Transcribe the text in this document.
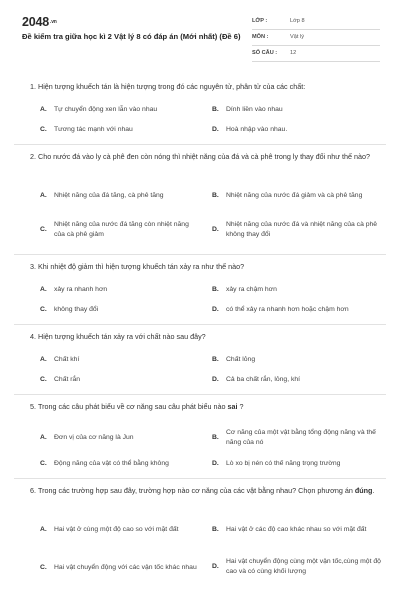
2048.vn
Đề kiểm tra giữa học kì 2 Vật lý 8 có đáp án (Mới nhất) (Đề 6)
LỚP :	Lớp 8
MÔN :	Vật lý
SỐ CÂU :	12
1. Hiện tượng khuếch tán là hiện tượng trong đó các nguyên tử, phân tử của các chất:
A.	Tự chuyển động xen lẫn vào nhau	B.	Dính liền vào nhau
C.	Tương tác mạnh với nhau	D.	Hoà nhập vào nhau.
2. Cho nước đá vào ly cà phê đen còn nóng thì nhiệt năng của đá và cà phê trong ly thay đổi như thế nào?
A.	Nhiệt năng của đá tăng, cà phê tăng	B.	Nhiệt năng của nước đá giảm và cà phê tăng
C.
Nhiệt năng của nước đá tăng còn nhiệt năng của cà phê giảm
D.
Nhiệt năng của nước đá và nhiệt năng của cà phê không thay đổi
3. Khi nhiệt độ giảm thì hiện tượng khuếch tán xảy ra như thế nào?
A.	xảy ra nhanh hơn	B.	xảy ra chậm hơn
C.	không thay đổi	D.	có thể xảy ra nhanh hơn hoặc chậm hơn
4. Hiện tượng khuếch tán xảy ra với chất nào sau đây?
A.	Chất khí	B.	Chất lỏng
C.	Chất rắn	D.	Cả ba chất rắn, lỏng, khí
5. Trong các câu phát biểu về cơ năng sau câu phát biểu nào sai ?
A.	Đơn vị của cơ năng là Jun	B.
Cơ năng của một vật bằng tổng động năng và thế năng của nó
C.	Động năng của vật có thể bằng không	D.	Lò xo bị nén có thế năng trọng trường
6. Trong các trường hợp sau đây, trường hợp nào cơ năng của các vật bằng nhau? Chọn phương án đúng.
A.	Hai vật ở cùng một độ cao so với mặt đất	B.	Hai vật ở các độ cao khác nhau so với mặt đất
C.	Hai vật chuyển động với các vận tốc khác nhau D.
Hai vật chuyển động cùng một vận tốc,cùng một độ cao và có cùng khối lượng
